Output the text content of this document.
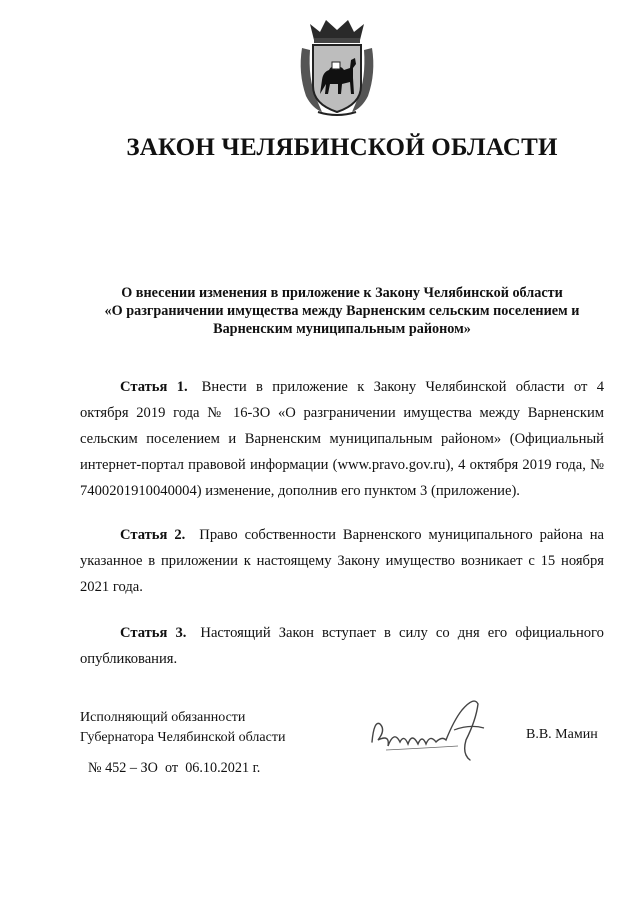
ЗАКОН ЧЕЛЯБИНСКОЙ ОБЛАСТИ
О внесении изменения в приложение к Закону Челябинской области
«О разграничении имущества между Варненским сельским поселением и
Варненским муниципальным районом»
Статья 1. Внести в приложение к Закону Челябинской области от 4 октября 2019 года № 16-ЗО «О разграничении имущества между Варненским сельским поселением и Варненским муниципальным районом» (Официальный интернет-портал правовой информации (www.pravo.gov.ru), 4 октября 2019 года, № 7400201910040004) изменение, дополнив его пунктом 3 (приложение).
Статья 2. Право собственности Варненского муниципального района на указанное в приложении к настоящему Закону имущество возникает с 15 ноября 2021 года.
Статья 3. Настоящий Закон вступает в силу со дня его официального опубликования.
Исполняющий обязанности
Губернатора Челябинской области	В.В. Мамин
№ 452 – ЗО  от  06.10.2021 г.
